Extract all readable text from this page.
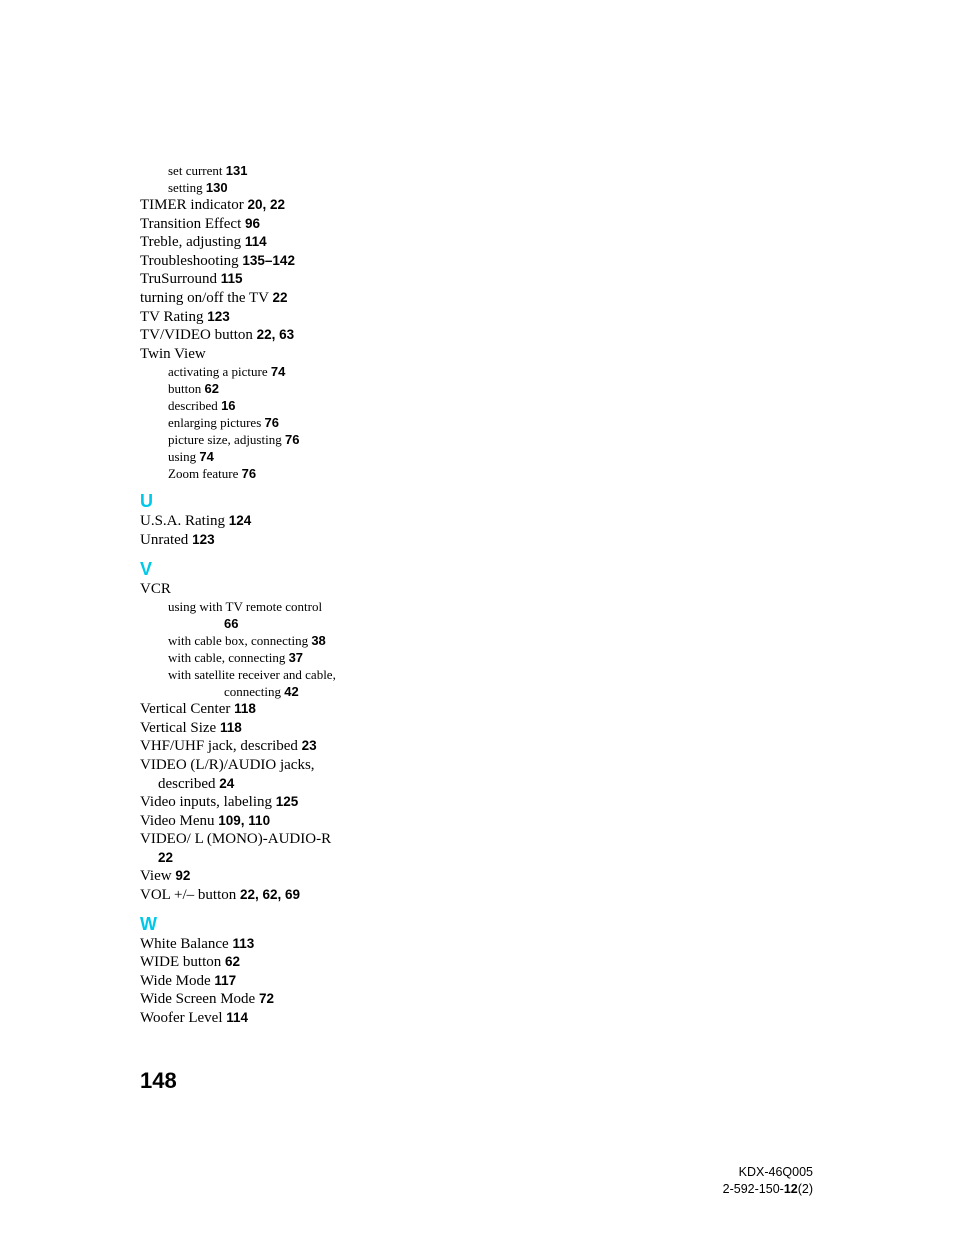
set current 131
setting 130
TIMER indicator 20, 22
Transition Effect 96
Treble, adjusting 114
Troubleshooting 135–142
TruSurround 115
turning on/off the TV 22
TV Rating 123
TV/VIDEO button 22, 63
Twin View
activating a picture 74
button 62
described 16
enlarging pictures 76
picture size, adjusting 76
using 74
Zoom feature 76
U
U.S.A. Rating 124
Unrated 123
V
VCR
using with TV remote control
66
with cable box, connecting 38
with cable, connecting 37
with satellite receiver and cable,
connecting 42
Vertical Center 118
Vertical Size 118
VHF/UHF jack, described 23
VIDEO (L/R)/AUDIO jacks,
described 24
Video inputs, labeling 125
Video Menu 109, 110
VIDEO/ L (MONO)-AUDIO-R
22
View 92
VOL +/– button 22, 62, 69
W
White Balance 113
WIDE button 62
Wide Mode 117
Wide Screen Mode 72
Woofer Level 114
148
KDX-46Q005
2-592-150-12(2)
